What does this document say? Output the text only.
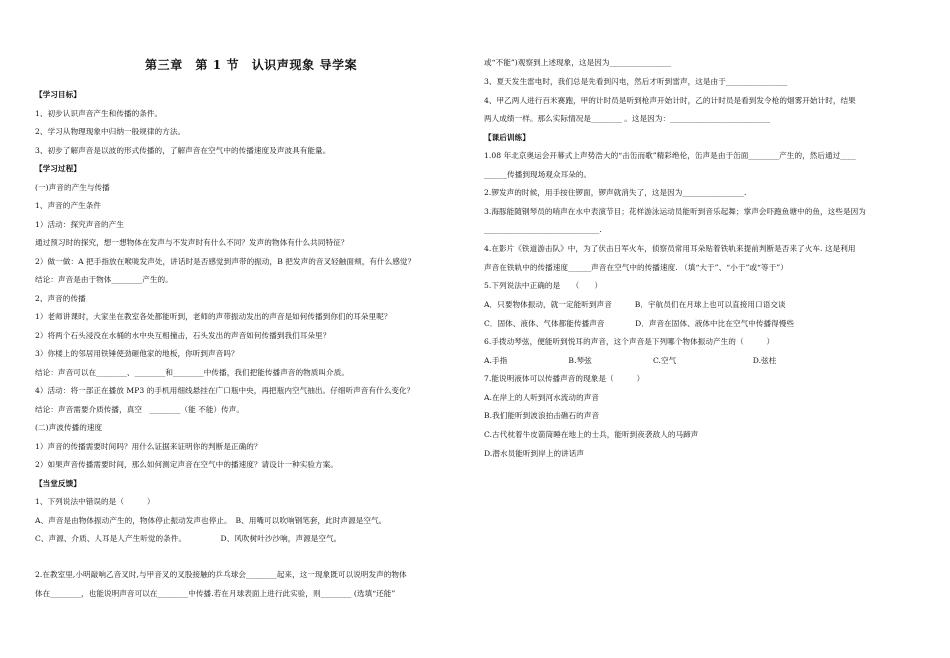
第三章　第 1 节　认识声现象 导学案
【学习目标】
1、初步认识声音产生和传播的条件。
2、学习从物理现象中归纳一般规律的方法。
3、初步了解声音是以波的形式传播的，了解声音在空气中的传播速度及声波具有能量。
【学习过程】
(一)声音的产生与传播
1、声音的产生条件
1）活动：探究声音的产生
通过预习时的探究，想一想物体在发声与不发声时有什么不同？发声的物体有什么共同特征？
2）做一做：A 把手指放在喉咙发声处，讲话时是否感觉到声带的振动，B 把发声的音叉轻触面颊，有什么感觉？
结论：声音是由于物体________产生的。
2、声音的传播
1）老师讲课时，大家坐在教室各处都能听到，老师的声带振动发出的声音是如何传播到你们的耳朵里呢？
2）将两个石头浸没在水桶的水中央互相撞击，石头发出的声音如何传播到我们耳朵里？
3）你楼上的邻居用铁锤使劲砸他家的地板，你听到声音吗？
结论：声音可以在________、________和________中传播，我们把能传播声音的物质叫介质。
4）活动：将一部正在播放 MP3 的手机用细线悬挂在广口瓶中央，再把瓶内空气抽出。仔细听声音有什么变化？
结论：声音需要介质传播，真空　________（能 不能）传声。
(二)声波传播的速度
1）声音的传播需要时间吗？用什么证据来证明你的判断是正确的？
2）如果声音传播需要时间，那么如何测定声音在空气中的播速度？请设计一种实验方案。
【当堂反馈】
1、下列说法中错误的是（　　　）
A、声音是由物体振动产生的，物体停止振动发声也停止。　B、用嘴可以吹响钢笔套，此时声源是空气。
C、声源、介质、人耳是人产生听觉的条件。　　　　　D、风吹树叶沙沙响，声源是空气。
2.在教室里,小明敲响乙音叉时,与甲音叉的叉股接触的乒乓球会________起来，这一现象既可以说明发声的物体
体在________，也能说明声音可以在________中传播.若在月球表面上进行此实验，则________ (选填“还能”
或“不能”)观察到上述现象，这是因为________________
3、夏天发生雷电时，我们总是先看到闪电，然后才听到雷声，这是由于________________
4、甲乙两人进行百米赛跑，甲的计时员是听到枪声开始计时，乙的计时员是看到发令枪的烟雾开始计时，结果
两人成绩一样。那么实际情况是________ 。这是因为：__________________________
【课后训练】
1.08 年北京奥运会开幕式上声势浩大的“击缶而歌”精彩绝伦，缶声是由于缶面________产生的，然后通过____
______传播到现场观众耳朵的。
2.锣发声的时候，用手按住锣面，锣声就消失了，这是因为________________.
3.海豚能随钢琴员的哨声在水中表演节目；花样游泳运动员能听到音乐起舞；掌声会吓跑鱼塘中的鱼，这些是因为
______________________________.
4.在影片《铁道游击队》中，为了伏击日军火车，侦察员常用耳朵贴着铁轨来提前判断是否来了火车. 这是利用
声音在铁轨中的传播速度______声音在空气中的传播速度. （填“大于”、“小于”或“等于”）
5.下列说法中正确的是　　（　　）
A．只要物体振动，就一定能听到声音　　　B．宇航员们在月球上也可以直接用口语交谈
C．固体、液体、气体都能传播声音　　　　D．声音在固体、液体中比在空气中传播得慢些
6.手拨动琴弦，便能听到悦耳的声音，这个声音是下列哪个物体振动产生的（　　　）
A.手指　　　　　　　　B.琴弦　　　　　　　　C.空气　　　　　　　　　　D.弦柱
7.能说明液体可以传播声音的现象是（　　　）
A.在岸上的人听到河水流动的声音
B.我们能听到波浪拍击礁石的声音
C.古代枕着牛皮箭筒睡在地上的士兵，能听到夜袭敌人的马蹄声
D.潜水员能听到岸上的讲话声
